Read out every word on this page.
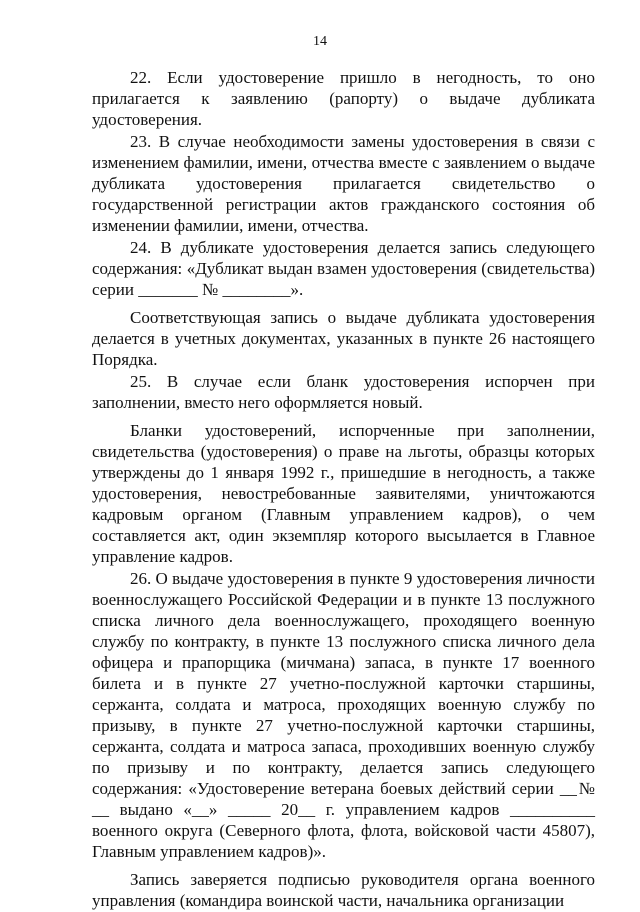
14

22. Если удостоверение пришло в негодность, то оно прилагается к заявлению (рапорту) о выдаче дубликата удостоверения.

23. В случае необходимости замены удостоверения в связи с изменением фамилии, имени, отчества вместе с заявлением о выдаче дубликата удостоверения прилагается свидетельство о государственной регистрации актов гражданского состояния об изменении фамилии, имени, отчества.

24. В дубликате удостоверения делается запись следующего содержания: «Дубликат выдан взамен удостоверения (свидетельства) серии _______ № ________».

Соответствующая запись о выдаче дубликата удостоверения делается в учетных документах, указанных в пункте 26 настоящего Порядка.

25. В случае если бланк удостоверения испорчен при заполнении, вместо него оформляется новый.

Бланки удостоверений, испорченные при заполнении, свидетельства (удостоверения) о праве на льготы, образцы которых утверждены до 1 января 1992 г., пришедшие в негодность, а также удостоверения, невостребованные заявителями, уничтожаются кадровым органом (Главным управлением кадров), о чем составляется акт, один экземпляр которого высылается в Главное управление кадров.

26. О выдаче удостоверения в пункте 9 удостоверения личности военнослужащего Российской Федерации и в пункте 13 послужного списка личного дела военнослужащего, проходящего военную службу по контракту, в пункте 13 послужного списка личного дела офицера и прапорщика (мичмана) запаса, в пункте 17 военного билета и в пункте 27 учетно-послужной карточки старшины, сержанта, солдата и матроса, проходящих военную службу по призыву, в пункте 27 учетно-послужной карточки старшины, сержанта, солдата и матроса запаса, проходивших военную службу по призыву и по контракту, делается запись следующего содержания: «Удостоверение ветерана боевых действий серии __№ __ выдано «__» _____ 20__ г. управлением кадров __________ военного округа (Северного флота, флота, войсковой части 45807), Главным управлением кадров)».

Запись заверяется подписью руководителя органа военного управления (командира воинской части, начальника организации
